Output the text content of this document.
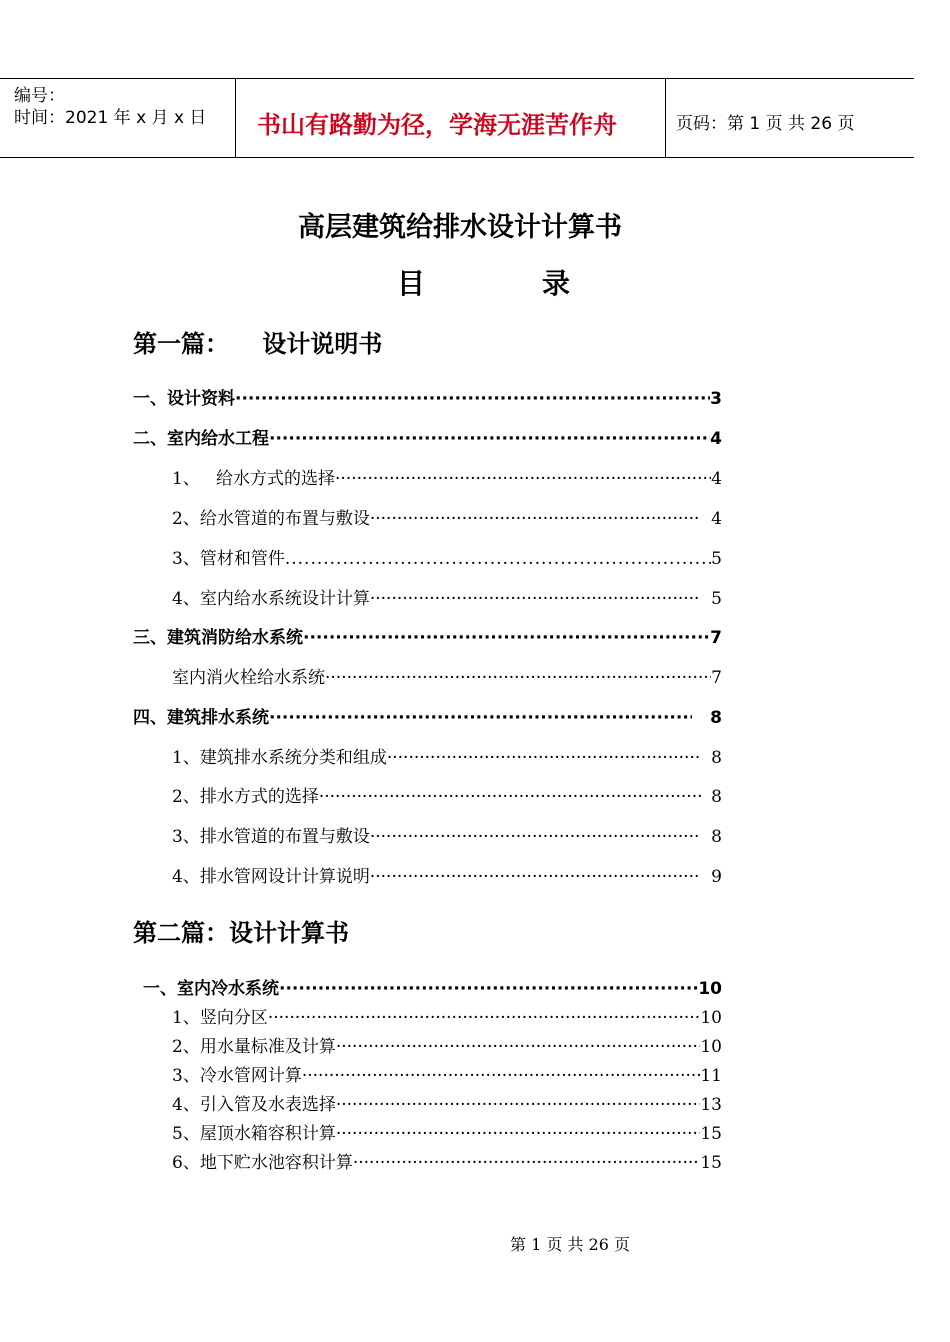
编号：
时间：2021 年 x 月 x 日 书山有路勤为径，学海无涯苦作舟	页码：第 1 页 共 26 页
高层建筑给排水设计计算书
目	录
第一篇：    设计说明书
一、设计资料 ·····	3
二、室内给水工程 ·····	4
1、   给水方式的选择 ·····	4
2、给水管道的布置与敷设 ·····	4
3、管材和管件 .....	5
4、室内给水系统设计计算 ·····	5
三、建筑消防给水系统 ·····	7
室内消火栓给水系统 ·····	7
四、建筑排水系统 ·····	8
1、建筑排水系统分类和组成 ·····	8
2、排水方式的选择 ·····	8
3、排水管道的布置与敷设 ·····	8
4、排水管网设计计算说明 ·····	9
第二篇：设计计算书
一、室内冷水系统 ·····	10
1、竖向分区 ·····	10
2、用水量标准及计算 ·····	10
3、冷水管网计算 ·····	11
4、引入管及水表选择 ·····	13
5、屋顶水箱容积计算 ·····	15
6、地下贮水池容积计算 ·····	15
第 1 页 共 26 页
